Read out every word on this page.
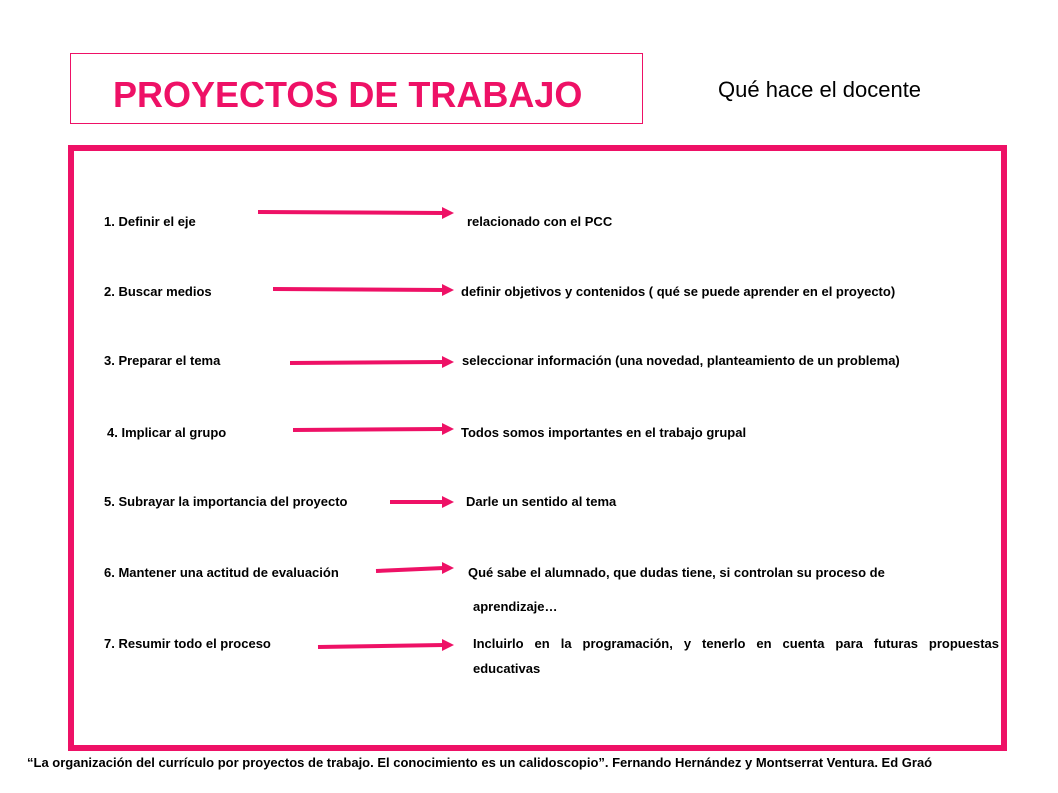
PROYECTOS DE TRABAJO	Qué hace el docente
1. Definir el eje	relacionado con el PCC
2. Buscar medios	definir objetivos y contenidos ( qué se puede aprender en el proyecto)
3. Preparar el tema	seleccionar información (una novedad, planteamiento de un problema)
4. Implicar al grupo	Todos somos importantes en el trabajo grupal
5. Subrayar la importancia del proyecto	Darle un sentido al tema
6. Mantener una actitud de evaluación	Qué sabe el alumnado, que dudas tiene, si controlan su proceso de
aprendizaje…
7. Resumir todo el proceso	Incluirlo en la programación, y tenerlo en cuenta para futuras propuestas
educativas
“La organización del currículo por proyectos de trabajo. El conocimiento es un calidoscopio”. Fernando Hernández y Montserrat Ventura. Ed Graó
